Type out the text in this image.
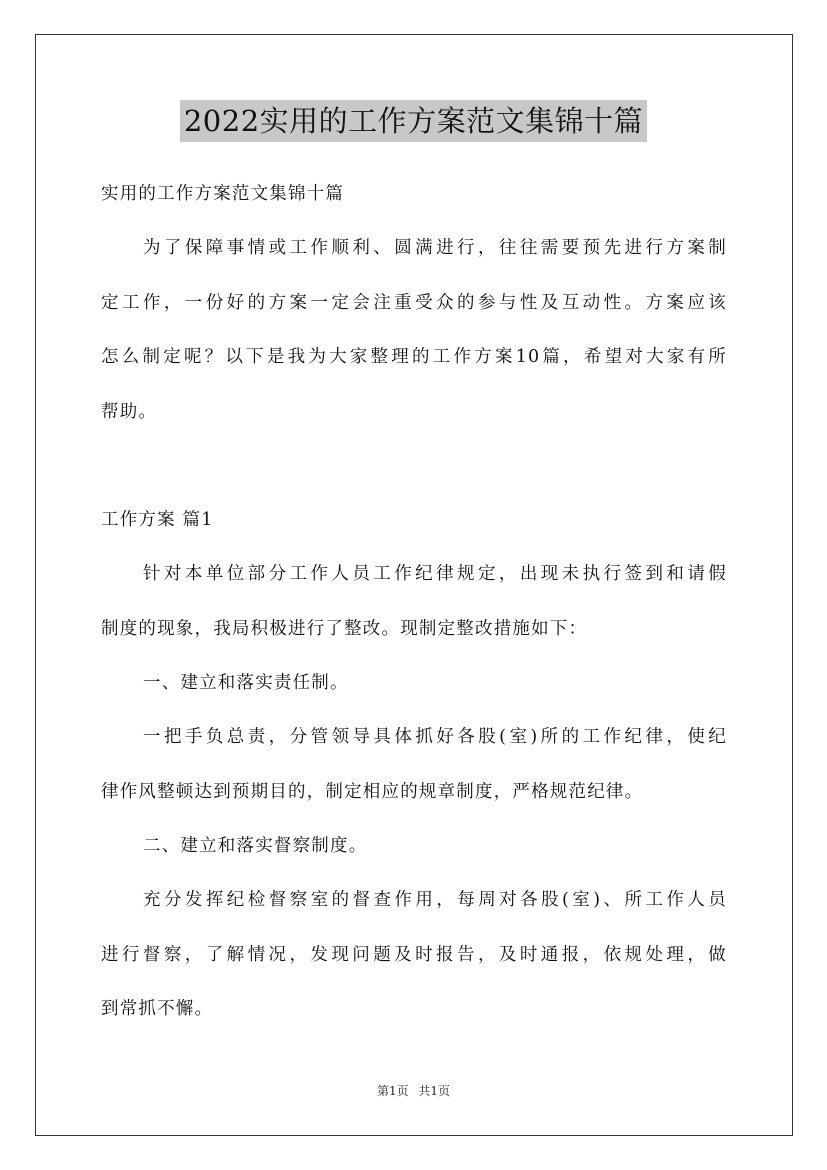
2022实用的工作方案范文集锦十篇
实用的工作方案范文集锦十篇
为了保障事情或工作顺利、圆满进行，往往需要预先进行方案制
定工作，一份好的方案一定会注重受众的参与性及互动性。方案应该
怎么制定呢？以下是我为大家整理的工作方案10篇，希望对大家有所
帮助。
工作方案 篇1
针对本单位部分工作人员工作纪律规定，出现未执行签到和请假
制度的现象，我局积极进行了整改。现制定整改措施如下：
一、建立和落实责任制。
一把手负总责，分管领导具体抓好各股(室)所的工作纪律，使纪
律作风整顿达到预期目的，制定相应的规章制度，严格规范纪律。
二、建立和落实督察制度。
充分发挥纪检督察室的督查作用，每周对各股(室)、所工作人员
进行督察，了解情况，发现问题及时报告，及时通报，依规处理，做
到常抓不懈。
第1页 共1页
